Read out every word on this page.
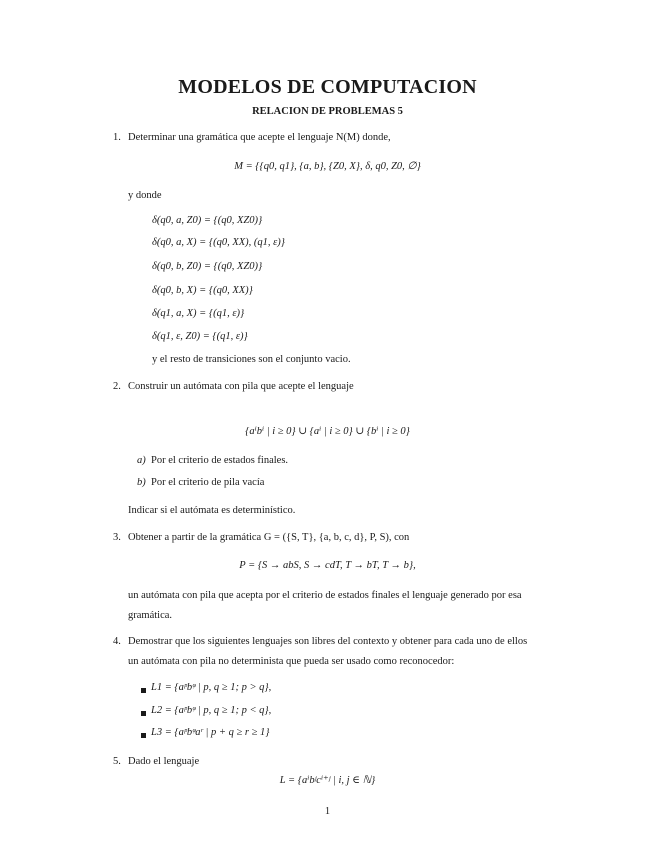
MODELOS DE COMPUTACION
RELACION DE PROBLEMAS 5
1. Determinar una gramática que acepte el lenguaje N(M) donde,
M = {{q0, q1}, {a, b}, {Z0, X}, δ, q0, Z0, ∅}
y donde
δ(q0, a, Z0) = {(q0, XZ0)}
δ(q0, a, X) = {(q0, XX), (q1, ε)}
δ(q0, b, Z0) = {(q0, XZ0)}
δ(q0, b, X) = {(q0, XX)}
δ(q1, a, X) = {(q1, ε)}
δ(q1, ε, Z0) = {(q1, ε)}
y el resto de transiciones son el conjunto vacio.
2. Construir un autómata con pila que acepte el lenguaje
{aⁱbⁱ | i ≥ 0} ∪ {aⁱ | i ≥ 0} ∪ {bⁱ | i ≥ 0}
a) Por el criterio de estados finales.
b) Por el criterio de pila vacía
Indicar si el autómata es determinístico.
3. Obtener a partir de la gramática G = ({S, T}, {a, b, c, d}, P, S), con
P = {S → abS, S → cdT, T → bT, T → b},
un autómata con pila que acepta por el criterio de estados finales el lenguaje generado por esa
gramática.
4. Demostrar que los siguientes lenguajes son libres del contexto y obtener para cada uno de ellos
un autómata con pila no determinista que pueda ser usado como reconocedor:
L1 = {aᵖbᵠ | p, q ≥ 1; p > q},
L2 = {aᵖbᵠ | p, q ≥ 1; p < q},
L3 = {aᵖbᵠaʳ | p + q ≥ r ≥ 1}
5. Dado el lenguaje
L = {aⁱbʲcⁱ⁺ʲ | i, j ∈ ℕ}
1
